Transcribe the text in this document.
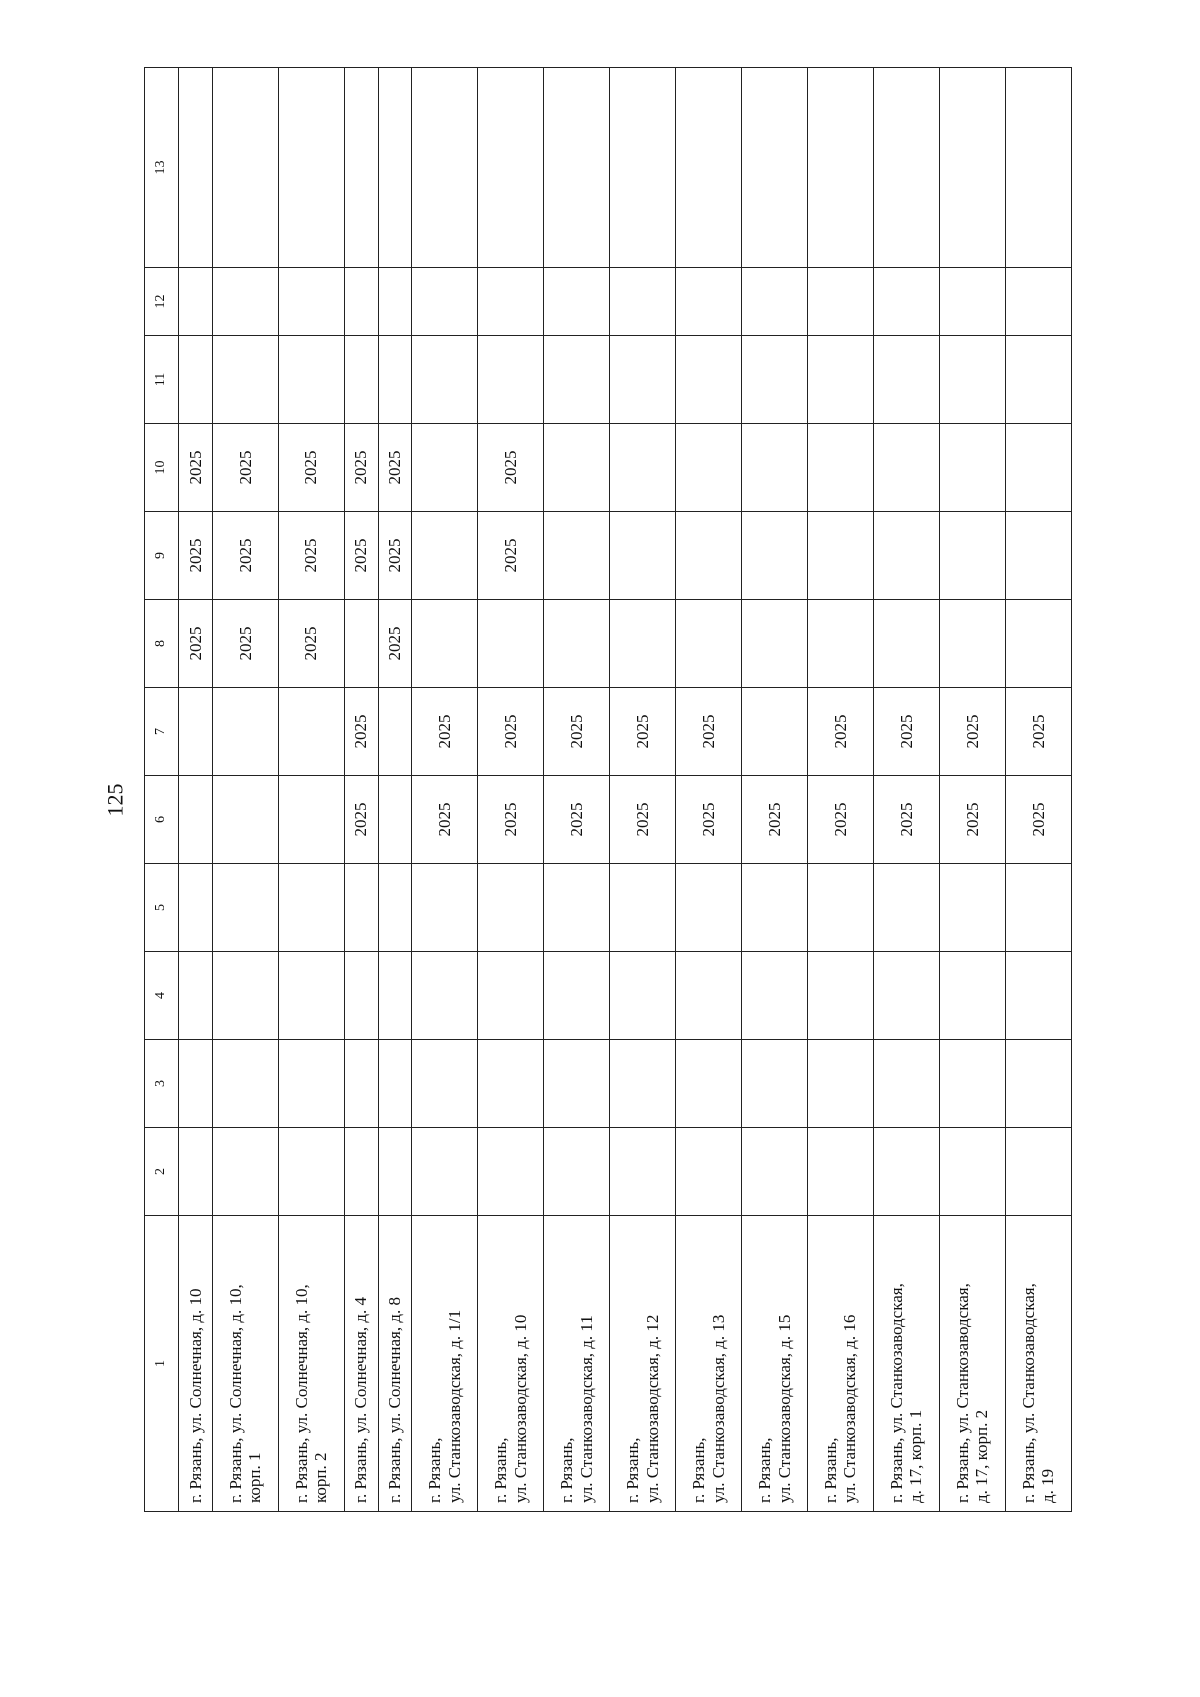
125
1	2	3	4	5	6	7	8	9	10	11	12	13

г. Рязань, ул. Солнечная, д. 10							2025	2025	2025			

г. Рязань, ул. Солнечная, д. 10, корп. 1							2025	2025	2025			

г. Рязань, ул. Солнечная, д. 10, корп. 2							2025	2025	2025			

г. Рязань, ул. Солнечная, д. 4					2025	2025		2025	2025			

г. Рязань, ул. Солнечная, д. 8							2025	2025	2025			

г. Рязань, ул. Станкозаводская, д. 1/1					2025	2025						

г. Рязань, ул. Станкозаводская, д. 10					2025	2025		2025	2025			

г. Рязань, ул. Станкозаводская, д. 11					2025	2025						

г. Рязань, ул. Станкозаводская, д. 12					2025	2025						

г. Рязань, ул. Станкозаводская, д. 13					2025	2025						

г. Рязань, ул. Станкозаводская, д. 15					2025							

г. Рязань, ул. Станкозаводская, д. 16					2025	2025						

г. Рязань, ул. Станкозаводская, д. 17, корп. 1					2025	2025						

г. Рязань, ул. Станкозаводская, д. 17, корп. 2					2025	2025						

г. Рязань, ул. Станкозаводская, д. 19					2025	2025						
